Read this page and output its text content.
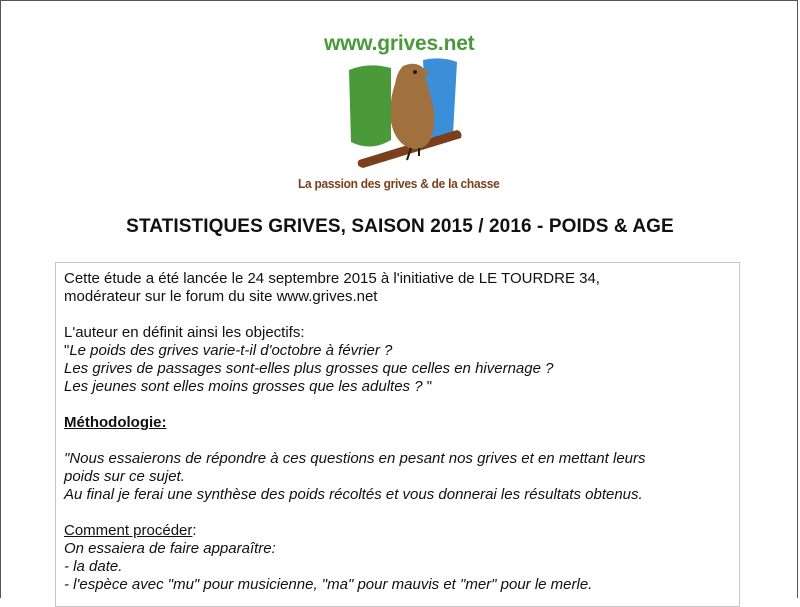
www.grives.net
La passion des grives & de la chasse
STATISTIQUES GRIVES, SAISON 2015 / 2016 - POIDS & AGE

Cette étude a été lancée le 24 septembre 2015 à l'initiative de LE TOURDRE 34,

modérateur sur le forum du site www.grives.net

L'auteur en définit ainsi les objectifs:

"Le poids des grives varie-t-il d'octobre à février ?

Les grives de passages sont-elles plus grosses que celles en hivernage ?

Les jeunes sont elles moins grosses que les adultes ? "

Méthodologie:

"Nous essaierons de répondre à ces questions en pesant nos grives et en mettant leurs

poids sur ce sujet.

Au final je ferai une synthèse des poids récoltés et vous donnerai les résultats obtenus.

Comment procéder:

On essaiera de faire apparaître:

- la date.

- l'espèce avec "mu" pour musicienne, "ma" pour mauvis et "mer" pour le merle.
